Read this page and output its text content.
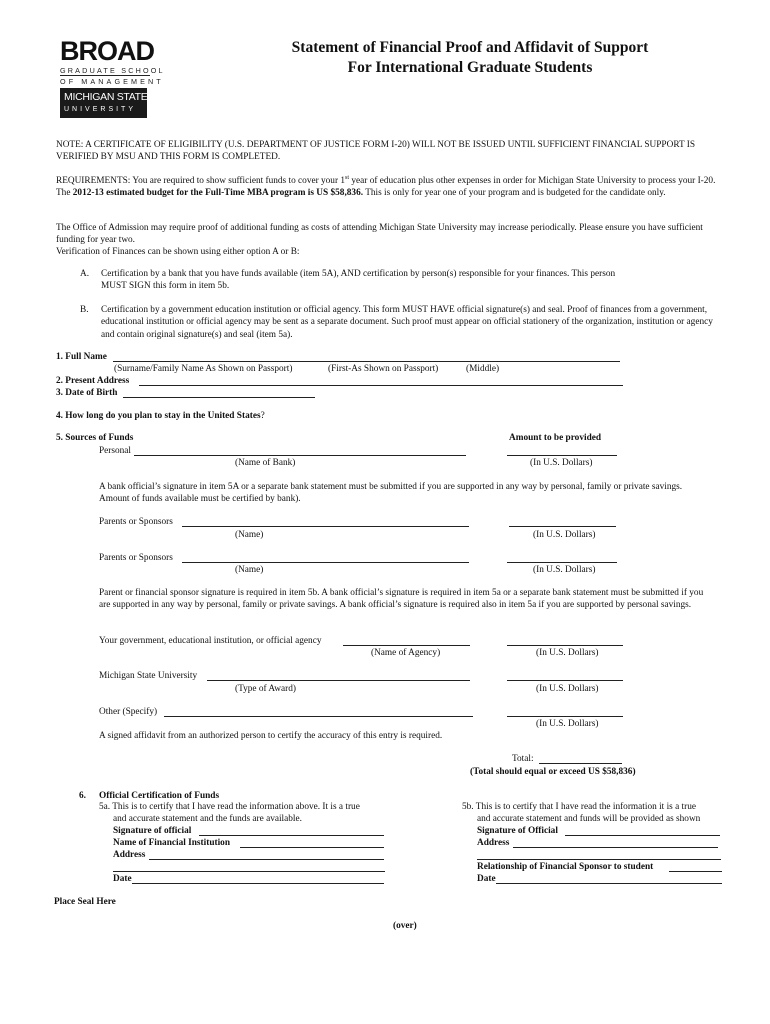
BROAD
GRADUATE SCHOOL
OF MANAGEMENT
MICHIGAN STATE
UNIVERSITY
Statement of Financial Proof and Affidavit of Support
For International Graduate Students
NOTE: A CERTIFICATE OF ELIGIBILITY (U.S. DEPARTMENT OF JUSTICE FORM I-20) WILL NOT BE ISSUED UNTIL SUFFICIENT FINANCIAL SUPPORT IS VERIFIED BY MSU AND THIS FORM IS COMPLETED.
REQUIREMENTS: You are required to show sufficient funds to cover your 1st year of education plus other expenses in order for Michigan State University to process your I-20. The 2012-13 estimated budget for the Full-Time MBA program is US $58,836. This is only for year one of your program and is budgeted for the candidate only.
The Office of Admission may require proof of additional funding as costs of attending Michigan State University may increase periodically. Please ensure you have sufficient funding for year two.
Verification of Finances can be shown using either option A or B:
A. Certification by a bank that you have funds available (item 5A), AND certification by person(s) responsible for your finances. This person MUST SIGN this form in item 5b.
B. Certification by a government education institution or official agency. This form MUST HAVE official signature(s) and seal. Proof of finances from a government, educational institution or official agency may be sent as a separate document. Such proof must appear on official stationery of the organization, institution or agency and contain original signature(s) and seal (item 5a).
1. Full Name
(Surname/Family Name As Shown on Passport)	(First-As Shown on Passport)	(Middle)
2. Present Address
3. Date of Birth
4. How long do you plan to stay in the United States?
5. Sources of Funds	Amount to be provided
Personal
(Name of Bank)	(In U.S. Dollars)
A bank official’s signature in item 5A or a separate bank statement must be submitted if you are supported in any way by personal, family or private savings. Amount of funds available must be certified by bank).
Parents or Sponsors
(Name)	(In U.S. Dollars)
Parents or Sponsors
(Name)	(In U.S. Dollars)
Parent or financial sponsor signature is required in item 5b. A bank official’s signature is required in item 5a or a separate bank statement must be submitted if you are supported in any way by personal, family or private savings. A bank official’s signature is required also in item 5a if you are supported by personal savings.
Your government, educational institution, or official agency
(Name of Agency)	(In U.S. Dollars)
Michigan State University
(Type of Award)	(In U.S. Dollars)
Other (Specify)
(In U.S. Dollars)
A signed affidavit from an authorized person to certify the accuracy of this entry is required.
Total:
(Total should equal or exceed US $58,836)
6. Official Certification of Funds
5a. This is to certify that I have read the information above. It is a true
and accurate statement and the funds are available.
Signature of official
Name of Financial Institution
Address
Date
5b. This is to certify that I have read the information it is a true
and accurate statement and funds will be provided as shown
Signature of Official
Address
Relationship of Financial Sponsor to student
Date
Place Seal Here
(over)
